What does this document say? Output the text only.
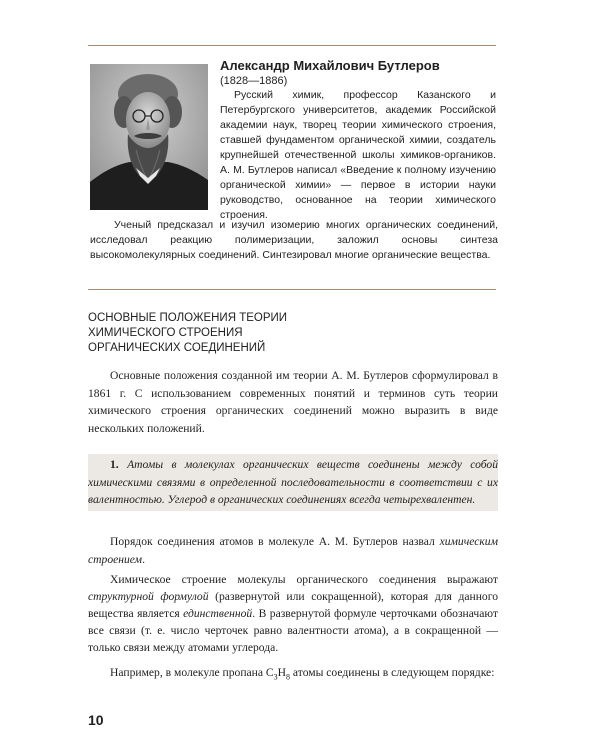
Александр Михайлович Бутлеров
(1828—1886)

Русский химик, профессор Казанского и Петербургского университетов, академик Российской академии наук, творец теории химического строения, ставшей фундаментом органической химии, создатель крупнейшей отечественной школы химиков-органиков. А. М. Бутлеров написал «Введение к полному изучению органической химии» — первое в истории науки руководство, основанное на теории химического строения.

Ученый предсказал и изучил изомерию многих органических соединений, исследовал реакцию полимеризации, заложил основы синтеза высокомолекулярных соединений. Синтезировал многие органические вещества.

ОСНОВНЫЕ ПОЛОЖЕНИЯ ТЕОРИИ
ХИМИЧЕСКОГО СТРОЕНИЯ
ОРГАНИЧЕСКИХ СОЕДИНЕНИЙ

Основные положения созданной им теории А. М. Бутлеров сформулировал в 1861 г. С использованием современных понятий и терминов суть теории химического строения органических соединений можно выразить в виде нескольких положений.

1. Атомы в молекулах органических веществ соединены между собой химическими связями в определенной последовательности в соответствии с их валентностью. Углерод в органических соединениях всегда четырехвалентен.

Порядок соединения атомов в молекуле А. М. Бутлеров назвал химическим строением.

Химическое строение молекулы органического соединения выражают структурной формулой (развернутой или сокращенной), которая для данного вещества является единственной. В развернутой формуле черточками обозначают все связи (т. е. число черточек равно валентности атома), а в сокращенной — только связи между атомами углерода.

Например, в молекуле пропана $C_3H_8$ атомы соединены в следующем порядке:

10
